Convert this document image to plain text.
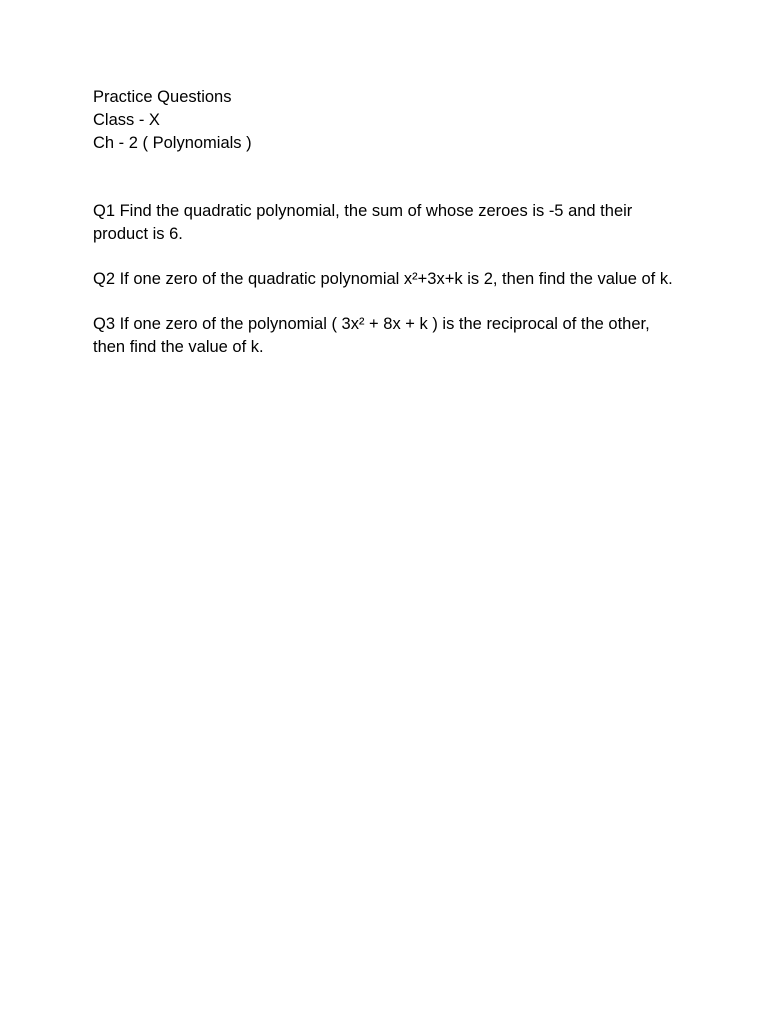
Practice Questions
Class - X
Ch - 2 ( Polynomials )

Q1 Find the quadratic polynomial, the sum of whose zeroes is -5 and their product is 6.

Q2 If one zero of the quadratic polynomial x²+3x+k is 2, then find the value of k.

Q3 If one zero of the polynomial ( 3x² + 8x + k ) is the reciprocal of the other, then find the value of k.
